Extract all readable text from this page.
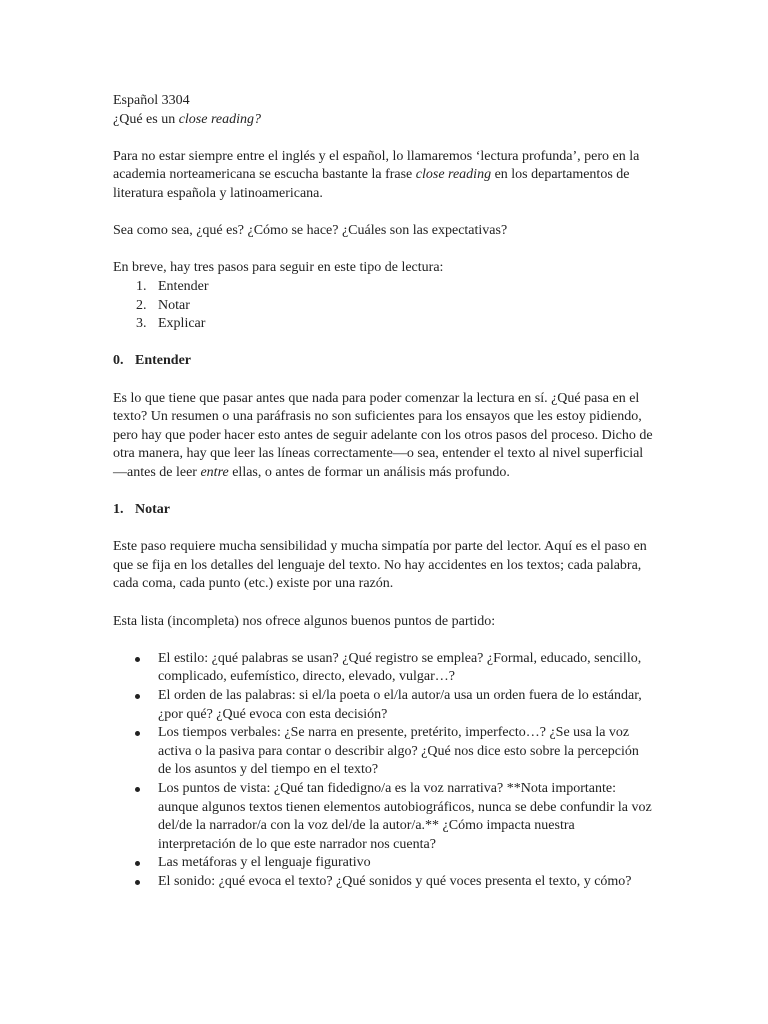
Español 3304

¿Qué es un close reading?

Para no estar siempre entre el inglés y el español, lo llamaremos ‘lectura profunda’, pero en la academia norteamericana se escucha bastante la frase close reading en los departamentos de literatura española y latinoamericana.

Sea como sea, ¿qué es? ¿Cómo se hace? ¿Cuáles son las expectativas?

En breve, hay tres pasos para seguir en este tipo de lectura:

1. Entender
2. Notar
3. Explicar

0. Entender

Es lo que tiene que pasar antes que nada para poder comenzar la lectura en sí. ¿Qué pasa en el texto? Un resumen o una paráfrasis no son suficientes para los ensayos que les estoy pidiendo, pero hay que poder hacer esto antes de seguir adelante con los otros pasos del proceso. Dicho de otra manera, hay que leer las líneas correctamente—o sea, entender el texto al nivel superficial—antes de leer entre ellas, o antes de formar un análisis más profundo.

1. Notar

Este paso requiere mucha sensibilidad y mucha simpatía por parte del lector. Aquí es el paso en que se fija en los detalles del lenguaje del texto. No hay accidentes en los textos; cada palabra, cada coma, cada punto (etc.) existe por una razón.

Esta lista (incompleta) nos ofrece algunos buenos puntos de partido:

El estilo: ¿qué palabras se usan? ¿Qué registro se emplea? ¿Formal, educado, sencillo, complicado, eufemístico, directo, elevado, vulgar…?
El orden de las palabras: si el/la poeta o el/la autor/a usa un orden fuera de lo estándar, ¿por qué? ¿Qué evoca con esta decisión?
Los tiempos verbales: ¿Se narra en presente, pretérito, imperfecto…? ¿Se usa la voz activa o la pasiva para contar o describir algo? ¿Qué nos dice esto sobre la percepción de los asuntos y del tiempo en el texto?
Los puntos de vista: ¿Qué tan fidedigno/a es la voz narrativa? **Nota importante: aunque algunos textos tienen elementos autobiográficos, nunca se debe confundir la voz del/de la narrador/a con la voz del/de la autor/a.** ¿Cómo impacta nuestra interpretación de lo que este narrador nos cuenta?
Las metáforas y el lenguaje figurativo
El sonido: ¿qué evoca el texto? ¿Qué sonidos y qué voces presenta el texto, y cómo?
